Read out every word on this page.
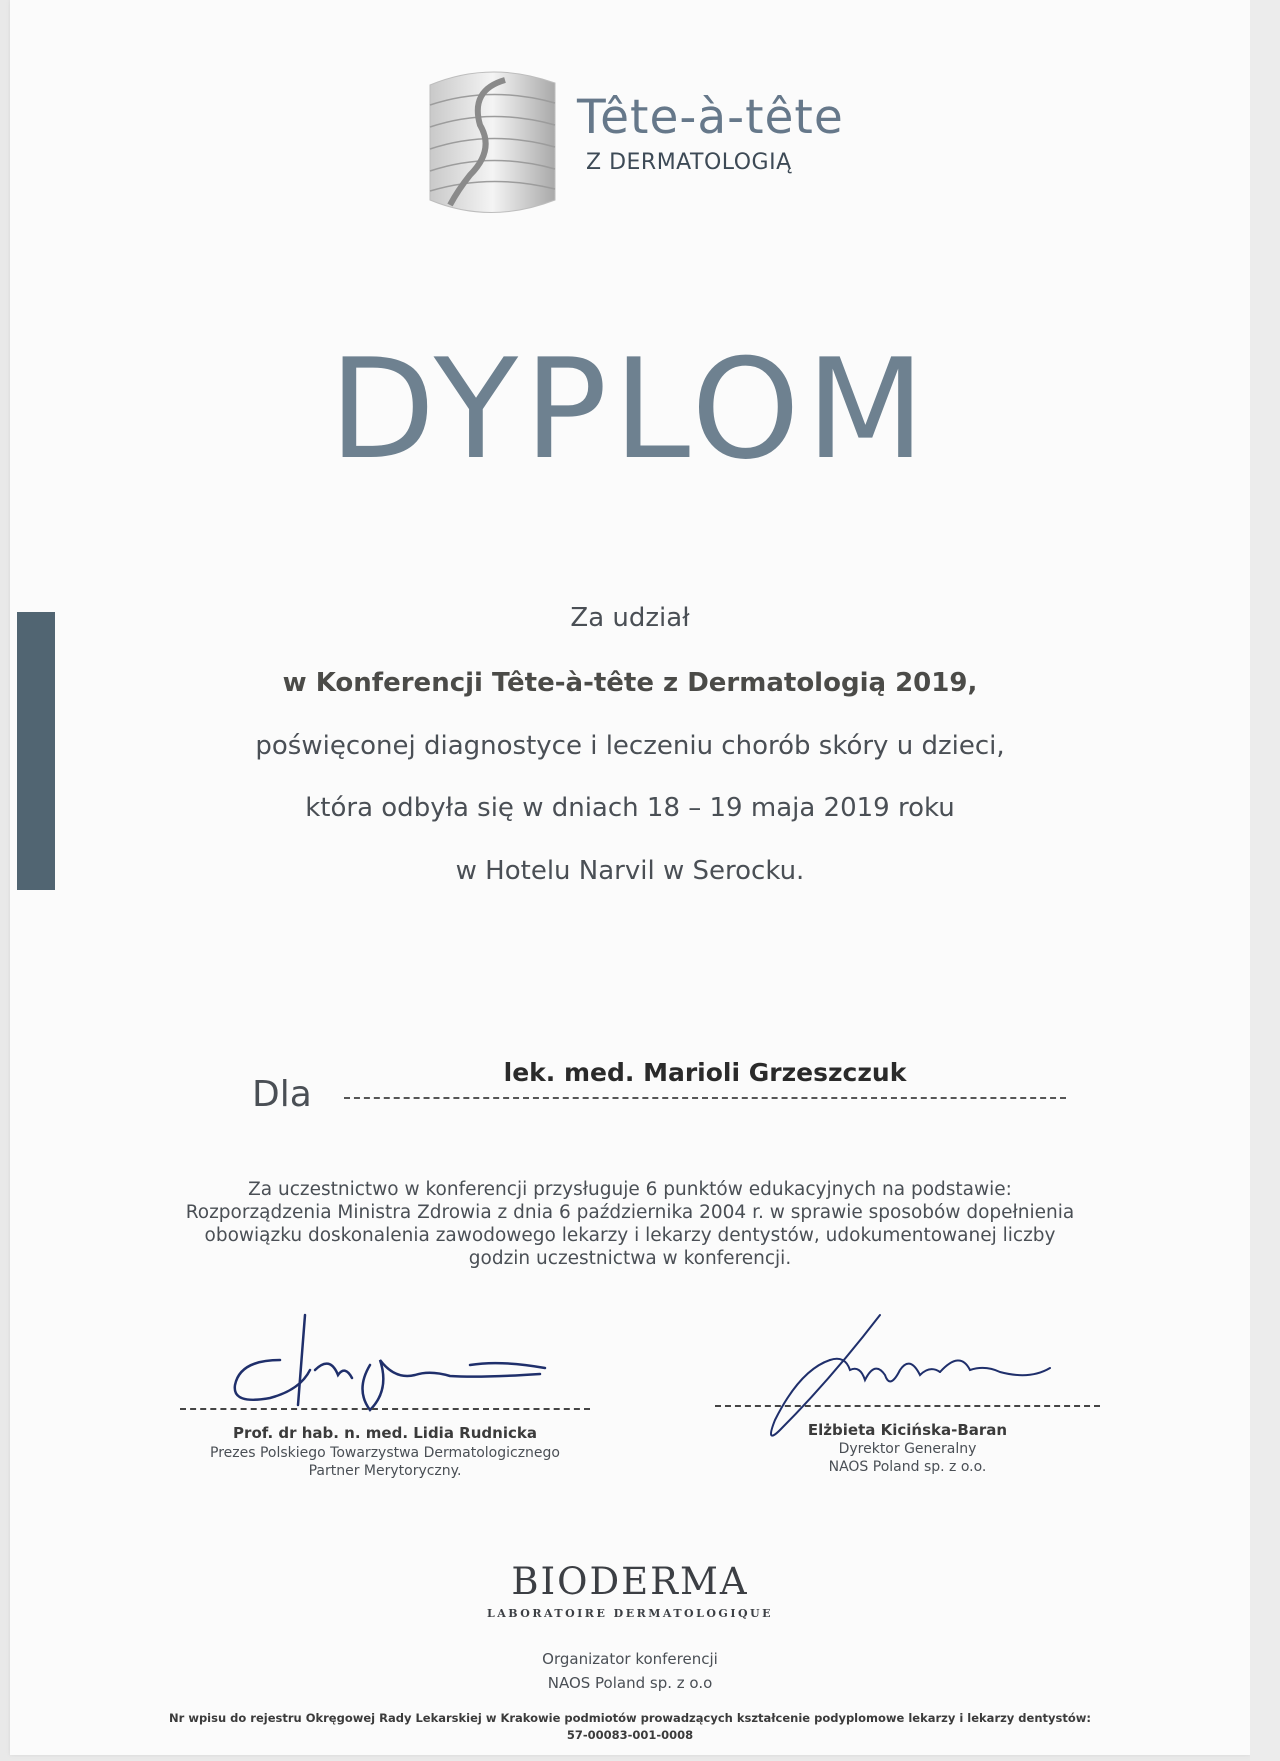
Tête-à-tête
Z DERMATOLOGIĄ
DYPLOM
Za udział
w Konferencji Tête-à-tête z Dermatologią 2019,
poświęconej diagnostyce i leczeniu chorób skóry u dzieci,
która odbyła się w dniach 18 – 19 maja 2019 roku
w Hotelu Narvil w Serocku.
Dla
lek. med. Marioli Grzeszczuk
Za uczestnictwo w konferencji przysługuje 6 punktów edukacyjnych na podstawie:
Rozporządzenia Ministra Zdrowia z dnia 6 października 2004 r. w sprawie sposobów dopełnienia
obowiązku doskonalenia zawodowego lekarzy i lekarzy dentystów, udokumentowanej liczby
godzin uczestnictwa w konferencji.
Prof. dr hab. n. med. Lidia Rudnicka
Prezes Polskiego Towarzystwa Dermatologicznego
Partner Merytoryczny.
Elżbieta Kicińska-Baran
Dyrektor Generalny
NAOS Poland sp. z o.o.
BIODERMA
LABORATOIRE DERMATOLOGIQUE
Organizator konferencji
NAOS Poland sp. z o.o
Nr wpisu do rejestru Okręgowej Rady Lekarskiej w Krakowie podmiotów prowadzących kształcenie podyplomowe lekarzy i lekarzy dentystów:
57-00083-001-0008
